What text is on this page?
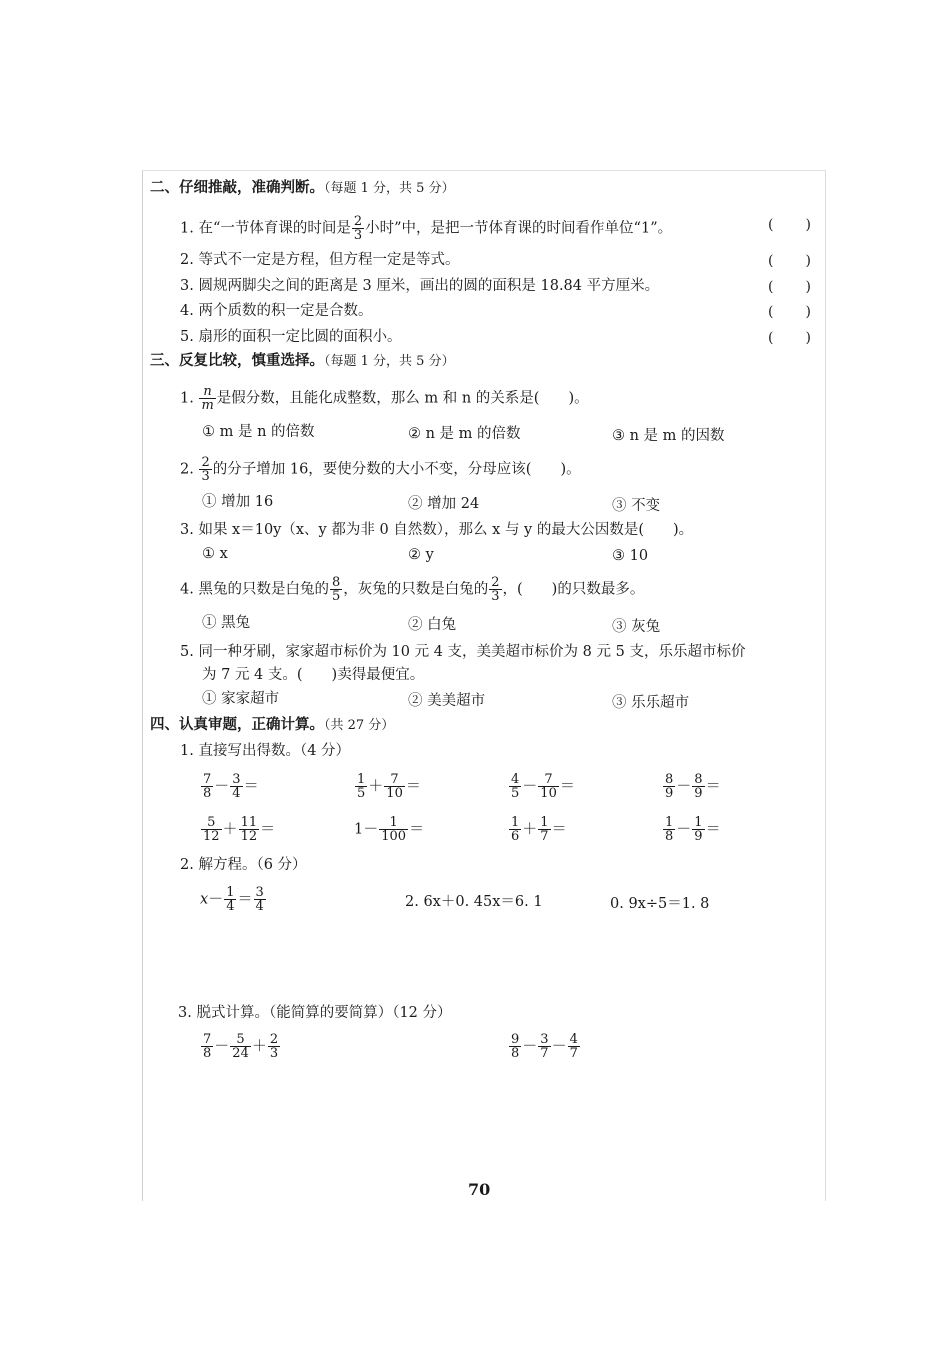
二、仔细推敲，准确判断。（每题 1 分，共 5 分）
1. 在“一节体育课的时间是 $\frac{2}{3}$ 小时”中，是把一节体育课的时间看作单位“1”。	( )
2. 等式不一定是方程，但方程一定是等式。	( )
3. 圆规两脚尖之间的距离是 3 厘米，画出的圆的面积是 18.84 平方厘米。	( )
4. 两个质数的积一定是合数。	( )
5. 扇形的面积一定比圆的面积小。	( )
三、反复比较，慎重选择。（每题 1 分，共 5 分）
1. $\frac{n}{m}$ 是假分数，且能化成整数，那么 m 和 n 的关系是(　　)。
① m 是 n 的倍数	② n 是 m 的倍数	③ n 是 m 的因数
2. $\frac{2}{3}$ 的分子增加 16，要使分数的大小不变，分母应该(　　)。
① 增加 16	② 增加 24	③ 不变
3. 如果 x＝10y（x、y 都为非 0 自然数），那么 x 与 y 的最大公因数是(　　)。
① x	② y	③ 10
4. 黑兔的只数是白兔的 $\frac{8}{5}$ ，灰兔的只数是白兔的 $\frac{2}{3}$ ，(　　)的只数最多。
① 黑兔	② 白兔	③ 灰兔
5. 同一种牙刷，家家超市标价为 10 元 4 支，美美超市标价为 8 元 5 支，乐乐超市标价
为 7 元 4 支。(　　)卖得最便宜。
① 家家超市	② 美美超市	③ 乐乐超市
四、认真审题，正确计算。（共 27 分）
1. 直接写出得数。（4 分）
$\frac{7}{8} - \frac{3}{4}$ ＝	$\frac{1}{5} + \frac{7}{10}$ ＝	$\frac{4}{5} - \frac{7}{10}$ ＝	$\frac{8}{9} - \frac{8}{9}$ ＝
$\frac{5}{12} + \frac{11}{12}$ ＝	$1- \frac{1}{100}$ ＝	$\frac{1}{6} + \frac{1}{7}$ ＝	$\frac{1}{8} - \frac{1}{9}$ ＝
2. 解方程。（6 分）
$x- \frac{1}{4} = \frac{3}{4}$	2. 6x＋0. 45x＝6. 1	0. 9x÷5＝1. 8
3. 脱式计算。（能简算的要简算）（12 分）
$\frac{7}{8} - \frac{5}{24} + \frac{2}{3}$	$\frac{9}{8} - \frac{3}{7} - \frac{4}{7}$
70
